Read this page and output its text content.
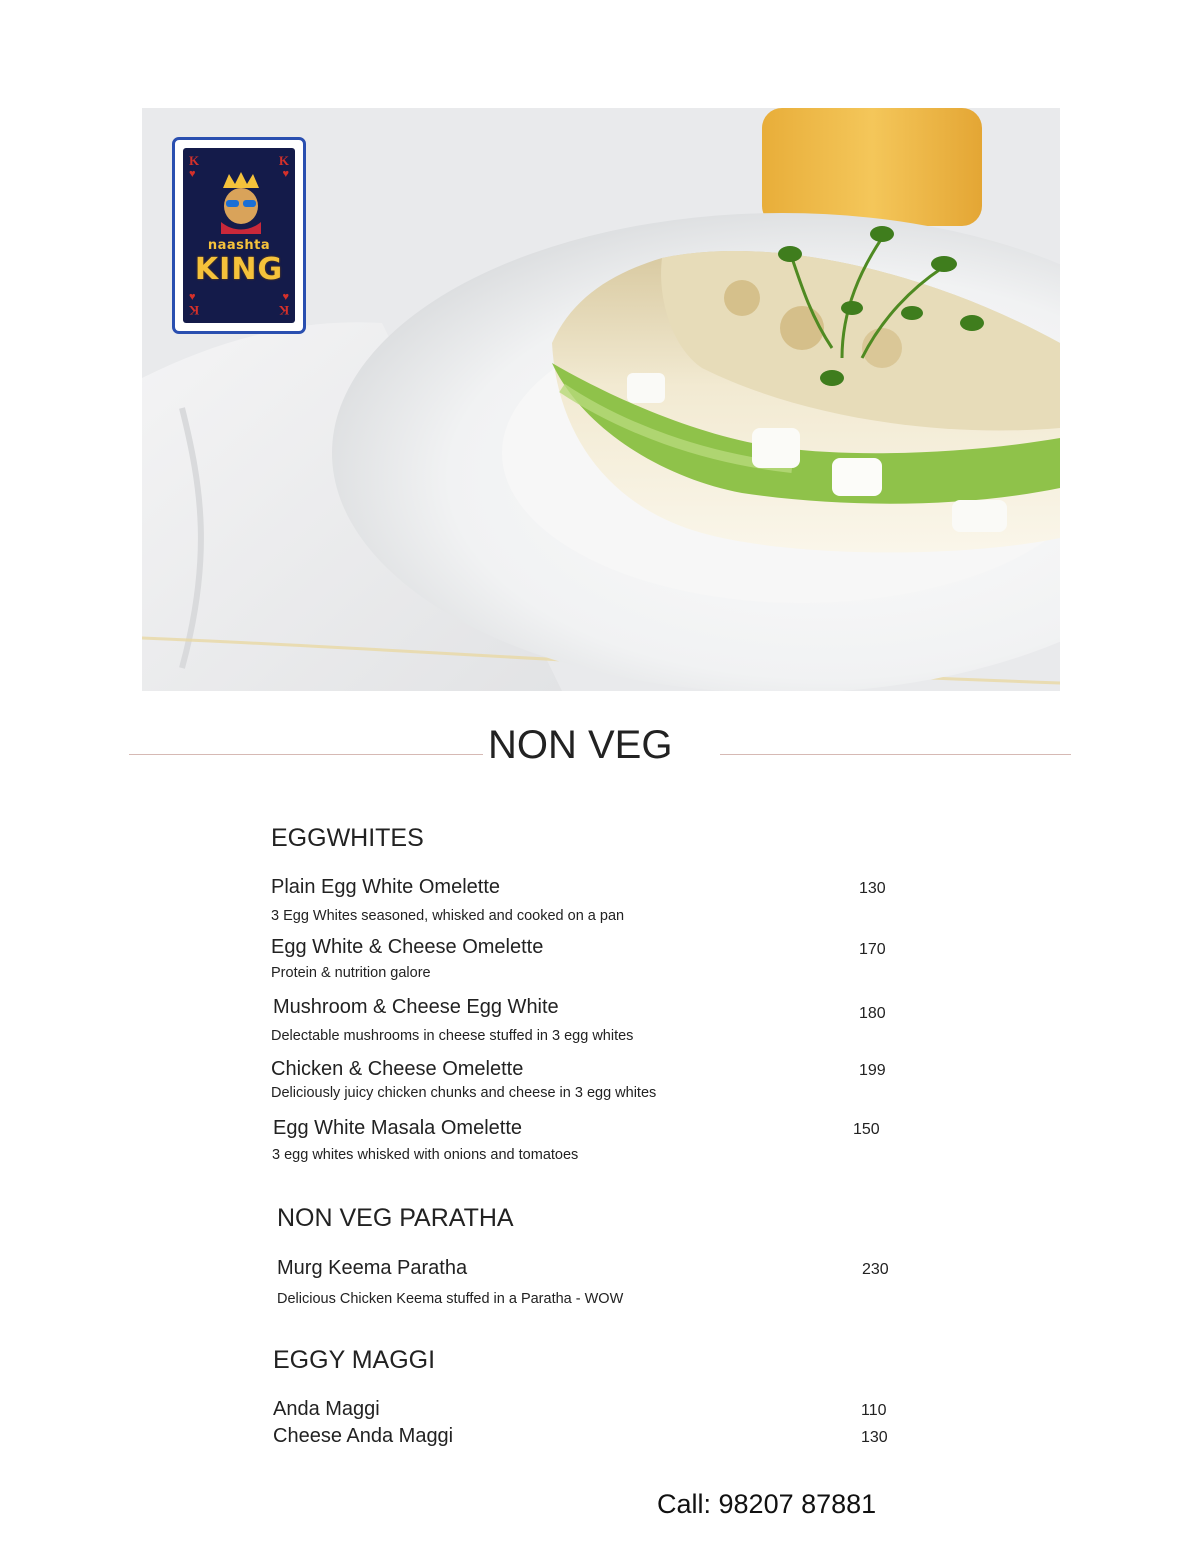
K
♥
K
♥
naashta
KING
♥
K
♥
K
NON VEG
EGGWHITES
Plain Egg White Omelette	130
3 Egg Whites seasoned, whisked and cooked on a pan
Egg White & Cheese Omelette	170
Protein & nutrition galore
Mushroom & Cheese Egg White	180
Delectable mushrooms in cheese stuffed in 3 egg whites
Chicken & Cheese Omelette	199
Deliciously juicy chicken chunks and cheese in 3 egg whites
Egg White Masala Omelette	150
3 egg whites whisked with onions and tomatoes
NON VEG PARATHA
Murg Keema Paratha	230
Delicious Chicken Keema stuffed in a Paratha - WOW
EGGY MAGGI
Anda Maggi	110
Cheese Anda Maggi	130
Call: 98207 87881
